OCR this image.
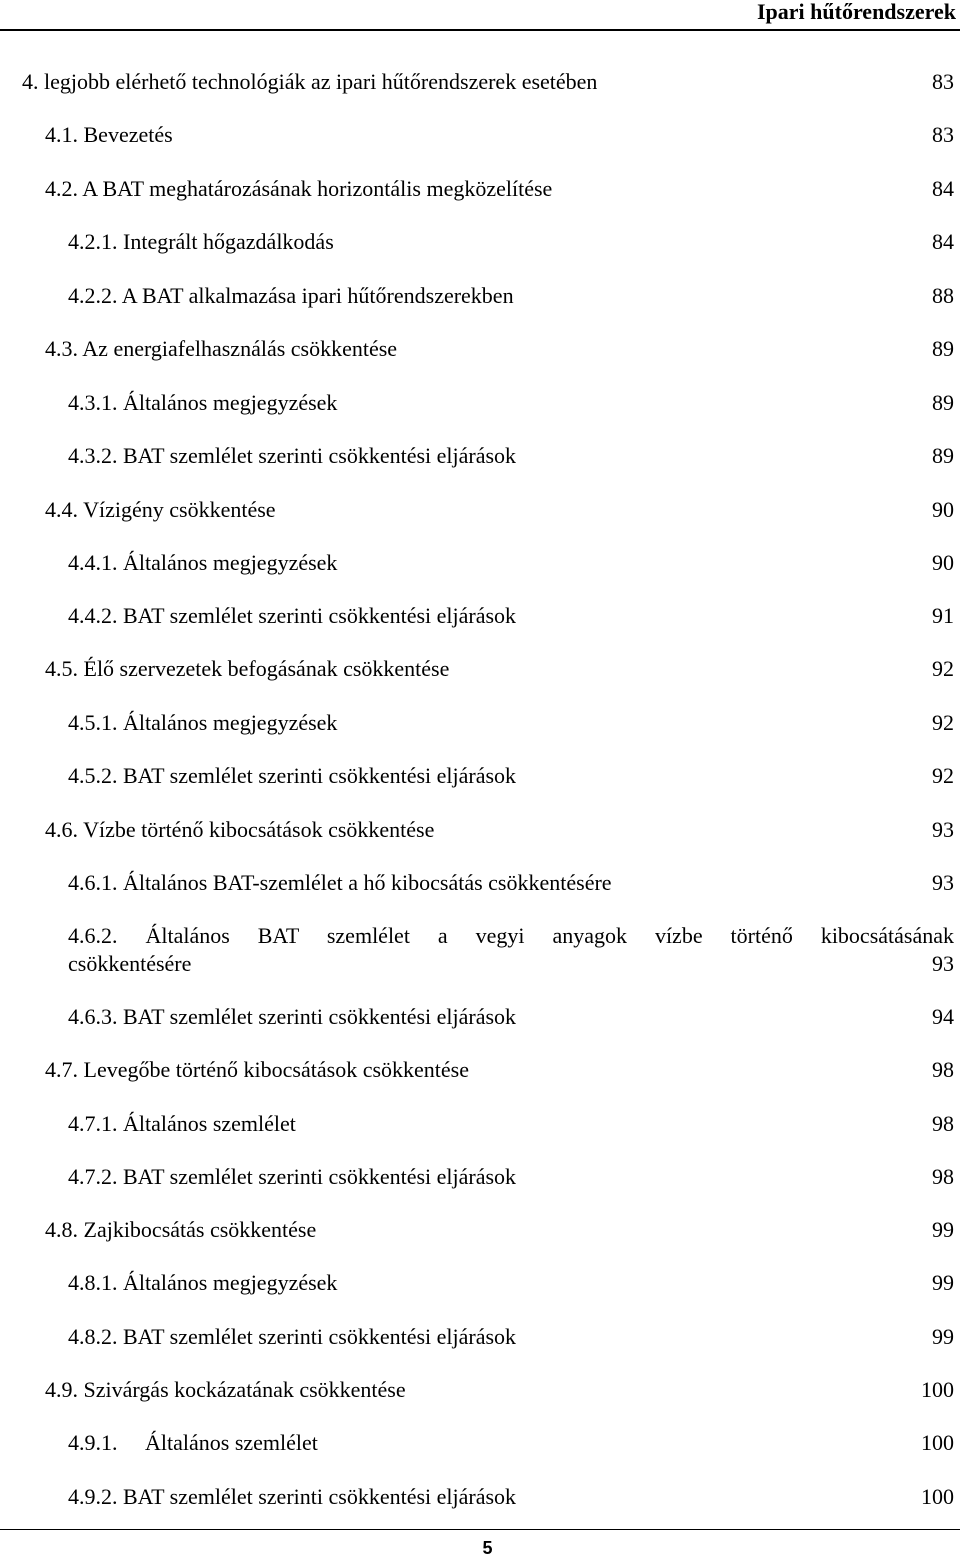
Ipari hűtőrendszerek
4. legjobb elérhető technológiák az ipari hűtőrendszerek esetében	83
4.1. Bevezetés	83
4.2. A BAT meghatározásának horizontális megközelítése	84
4.2.1. Integrált hőgazdálkodás	84
4.2.2. A BAT alkalmazása ipari hűtőrendszerekben	88
4.3. Az energiafelhasználás csökkentése	89
4.3.1. Általános megjegyzések	89
4.3.2. BAT szemlélet szerinti csökkentési eljárások	89
4.4. Vízigény csökkentése	90
4.4.1. Általános megjegyzések	90
4.4.2. BAT szemlélet szerinti csökkentési eljárások	91
4.5. Élő szervezetek befogásának csökkentése	92
4.5.1. Általános megjegyzések	92
4.5.2. BAT szemlélet szerinti csökkentési eljárások	92
4.6. Vízbe történő kibocsátások csökkentése	93
4.6.1. Általános BAT-szemlélet a hő kibocsátás csökkentésére	93
4.6.2. Általános BAT szemlélet a vegyi anyagok vízbe történő kibocsátásának
csökkentésére	93
4.6.3. BAT szemlélet szerinti csökkentési eljárások	94
4.7. Levegőbe történő kibocsátások csökkentése	98
4.7.1. Általános szemlélet	98
4.7.2. BAT szemlélet szerinti csökkentési eljárások	98
4.8. Zajkibocsátás csökkentése	99
4.8.1. Általános megjegyzések	99
4.8.2. BAT szemlélet szerinti csökkentési eljárások	99
4.9. Szivárgás kockázatának csökkentése	100
4.9.1.     Általános szemlélet	100
4.9.2. BAT szemlélet szerinti csökkentési eljárások	100
5
